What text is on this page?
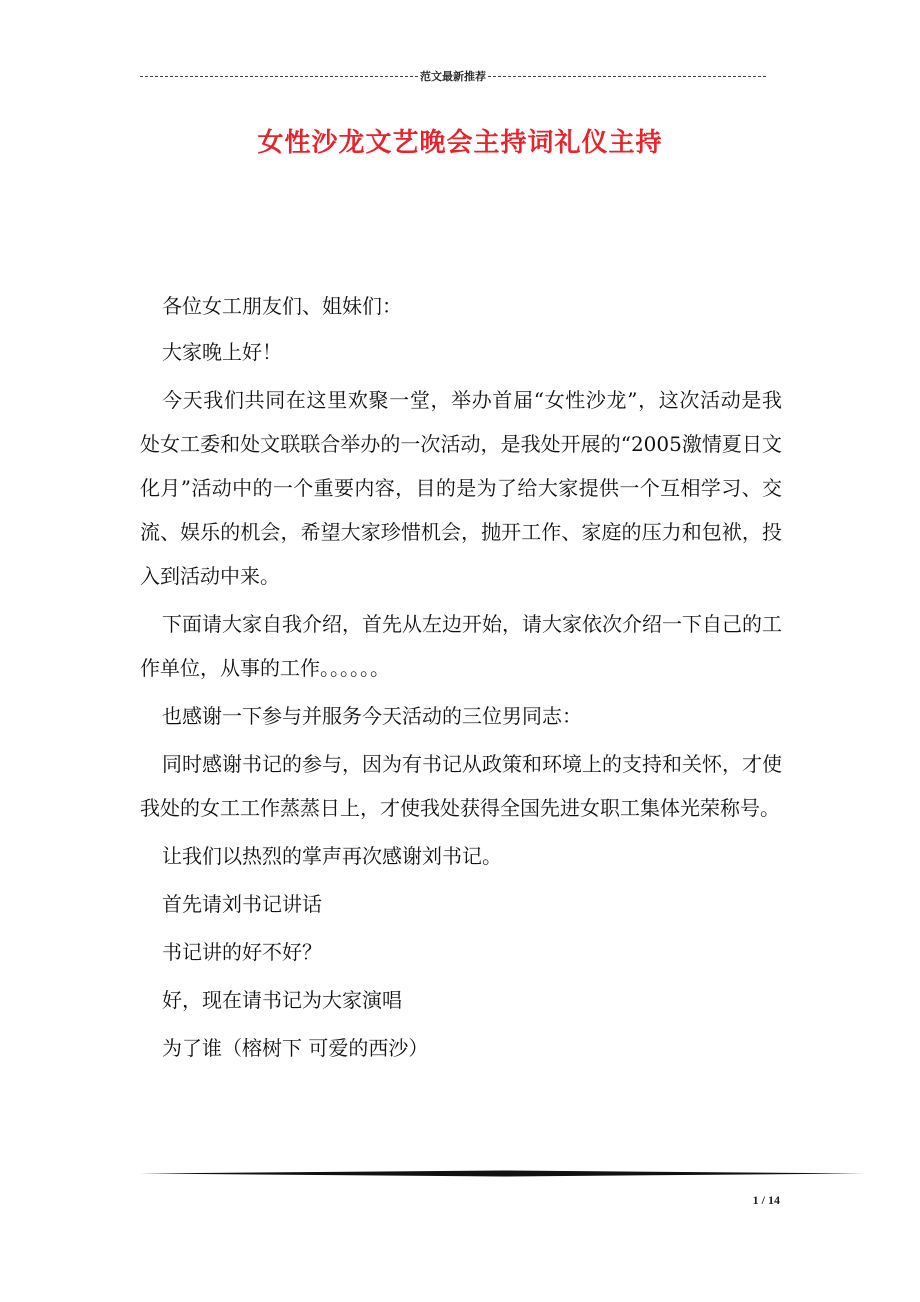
范文最新推荐
女性沙龙文艺晚会主持词礼仪主持

各位女工朋友们、姐妹们：

大家晚上好！

今天我们共同在这里欢聚一堂，举办首届“女性沙龙”，这次活动是我处女工委和处文联联合举办的一次活动，是我处开展的“2005激情夏日文化月”活动中的一个重要内容，目的是为了给大家提供一个互相学习、交流、娱乐的机会，希望大家珍惜机会，抛开工作、家庭的压力和包袱，投入到活动中来。

下面请大家自我介绍，首先从左边开始，请大家依次介绍一下自己的工作单位，从事的工作。。。。。。

也感谢一下参与并服务今天活动的三位男同志：

同时感谢书记的参与，因为有书记从政策和环境上的支持和关怀，才使我处的女工工作蒸蒸日上，才使我处获得全国先进女职工集体光荣称号。

让我们以热烈的掌声再次感谢刘书记。

首先请刘书记讲话

书记讲的好不好？

好，现在请书记为大家演唱

为了谁（榕树下 可爱的西沙）

1 / 14
